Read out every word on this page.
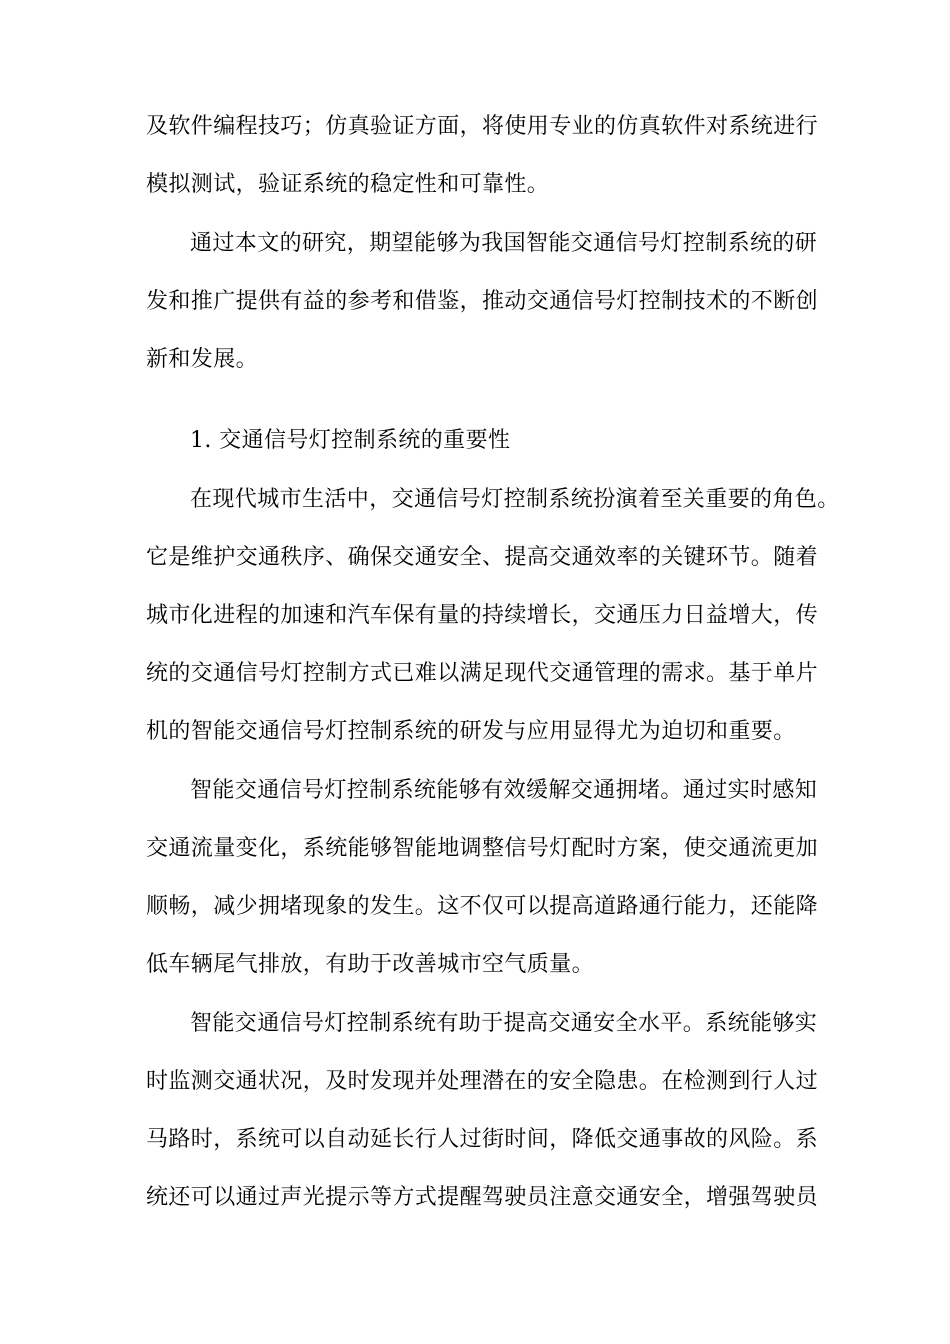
及软件编程技巧；仿真验证方面，将使用专业的仿真软件对系统进行
模拟测试，验证系统的稳定性和可靠性。
通过本文的研究，期望能够为我国智能交通信号灯控制系统的研
发和推广提供有益的参考和借鉴，推动交通信号灯控制技术的不断创
新和发展。
1. 交通信号灯控制系统的重要性
在现代城市生活中，交通信号灯控制系统扮演着至关重要的角色。
它是维护交通秩序、确保交通安全、提高交通效率的关键环节。随着
城市化进程的加速和汽车保有量的持续增长，交通压力日益增大，传
统的交通信号灯控制方式已难以满足现代交通管理的需求。基于单片
机的智能交通信号灯控制系统的研发与应用显得尤为迫切和重要。
智能交通信号灯控制系统能够有效缓解交通拥堵。通过实时感知
交通流量变化，系统能够智能地调整信号灯配时方案，使交通流更加
顺畅，减少拥堵现象的发生。这不仅可以提高道路通行能力，还能降
低车辆尾气排放，有助于改善城市空气质量。
智能交通信号灯控制系统有助于提高交通安全水平。系统能够实
时监测交通状况，及时发现并处理潜在的安全隐患。在检测到行人过
马路时，系统可以自动延长行人过街时间，降低交通事故的风险。系
统还可以通过声光提示等方式提醒驾驶员注意交通安全，增强驾驶员
